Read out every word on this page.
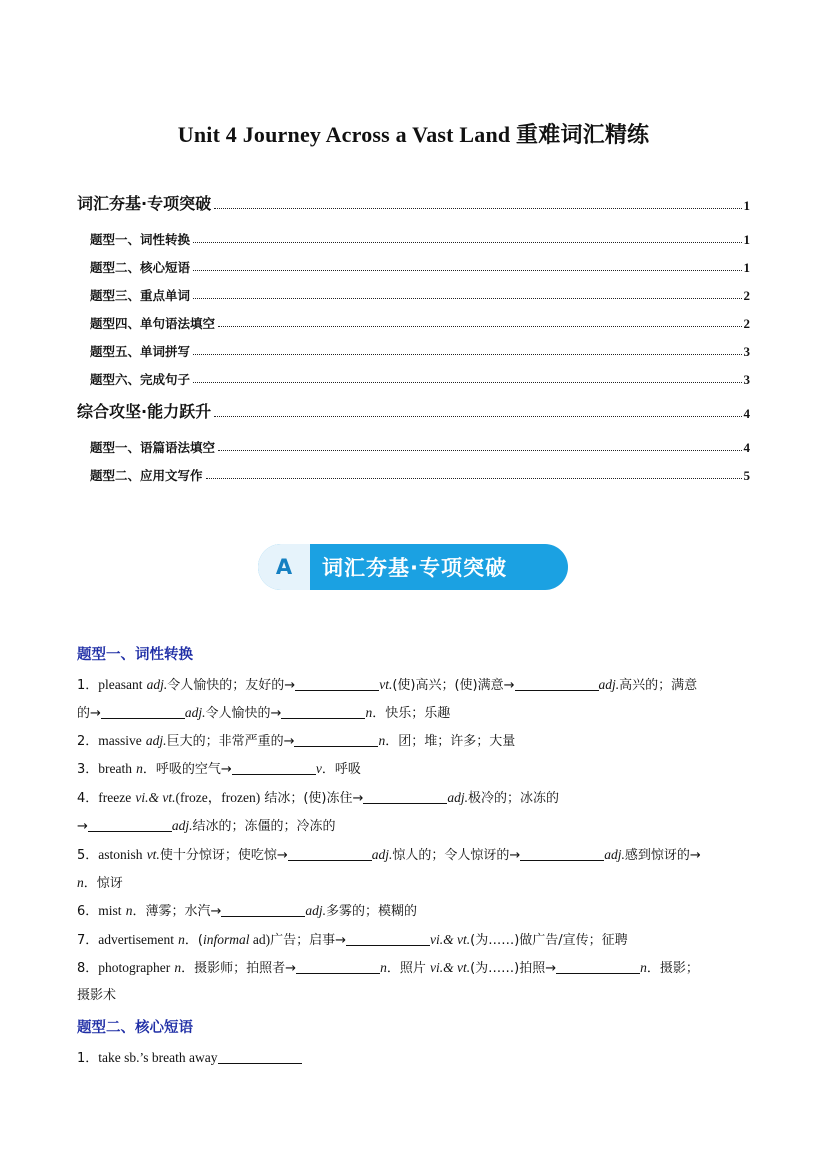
Unit 4 Journey Across a Vast Land 重难词汇精练
词汇夯基·专项突破	1
题型一、词性转换	1
题型二、核心短语	1
题型三、重点单词	2
题型四、单句语法填空	2
题型五、单词拼写	3
题型六、完成句子	3
综合攻坚·能力跃升	4
题型一、语篇语法填空	4
题型二、应用文写作	5
A	词汇夯基·专项突破
题型一、词性转换
1．pleasant adj.令人愉快的；友好的→	vt.(使)高兴；(使)满意→	adj.高兴的；满意
的→	adj.令人愉快的→	n．快乐；乐趣
2．massive adj.巨大的；非常严重的→	n．团；堆；许多；大量
3．breath n．呼吸的空气→	v．呼吸
4．freeze vi.& vt.(froze，frozen) 结冰；(使)冻住→	adj.极冷的；冰冻的
→	adj.结冰的；冻僵的；冷冻的
5．astonish vt.使十分惊讶；使吃惊→	adj.惊人的；令人惊讶的→	adj.感到惊讶的→
n．惊讶
6．mist n．薄雾；水汽→	adj.多雾的；模糊的
7．advertisement n．(informal ad)广告；启事→	vi.& vt.(为……)做广告/宣传；征聘
8．photographer n．摄影师；拍照者→	n．照片 vi.& vt.(为……)拍照→	n．摄影；
摄影术
题型二、核心短语
1．take sb.’s breath away
